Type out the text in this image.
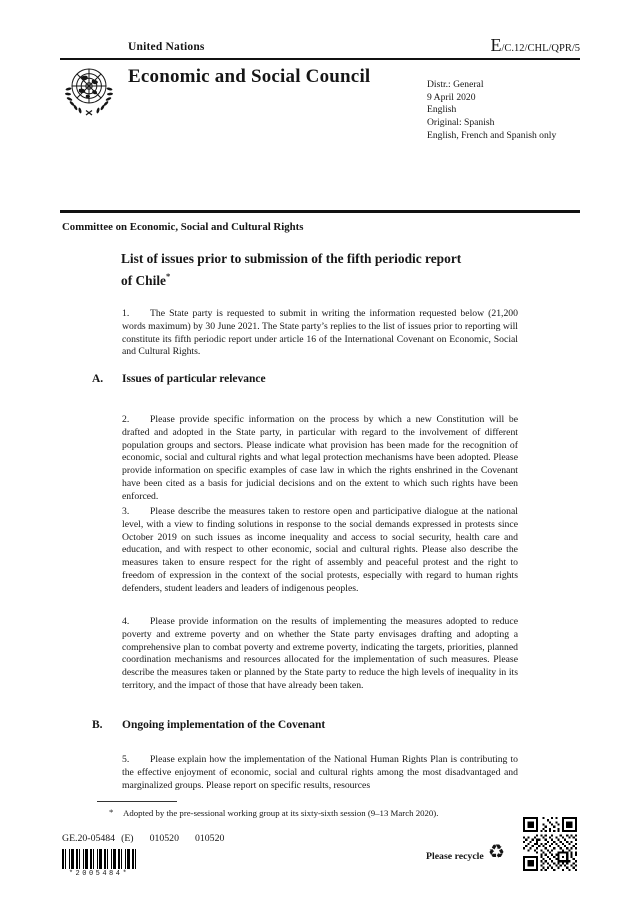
United Nations	E /C.12/CHL/QPR/5
Economic and Social Council	Distr.: General
9 April 2020
English
Original: Spanish
English, French and Spanish only
Committee on Economic, Social and Cultural Rights
List of issues prior to submission of the fifth periodic report
of Chile*

1. The State party is requested to submit in writing the information requested below (21,200 words maximum) by 30 June 2021. The State party’s replies to the list of issues prior to reporting will constitute its fifth periodic report under article 16 of the International Covenant on Economic, Social and Cultural Rights.

A. Issues of particular relevance

2. Please provide specific information on the process by which a new Constitution will be drafted and adopted in the State party, in particular with regard to the involvement of different population groups and sectors. Please indicate what provision has been made for the recognition of economic, social and cultural rights and what legal protection mechanisms have been adopted. Please provide information on specific examples of case law in which the rights enshrined in the Covenant have been cited as a basis for judicial decisions and on the extent to which such rights have been enforced.

3. Please describe the measures taken to restore open and participative dialogue at the national level, with a view to finding solutions in response to the social demands expressed in protests since October 2019 on such issues as income inequality and access to social security, health care and education, and with respect to other economic, social and cultural rights. Please also describe the measures taken to ensure respect for the right of assembly and peaceful protest and the right to freedom of expression in the context of the social protests, especially with regard to human rights defenders, student leaders and leaders of indigenous peoples.

4. Please provide information on the results of implementing the measures adopted to reduce poverty and extreme poverty and on whether the State party envisages drafting and adopting a comprehensive plan to combat poverty and extreme poverty, indicating the targets, priorities, planned coordination mechanisms and resources allocated for the implementation of such measures. Please describe the measures taken or planned by the State party to reduce the high levels of inequality in its territory, and the impact of those that have already been taken.

B. Ongoing implementation of the Covenant

5. Please explain how the implementation of the National Human Rights Plan is contributing to the effective enjoyment of economic, social and cultural rights among the most disadvantaged and marginalized groups. Please report on specific results, resources

* Adopted by the pre-sessional working group at its sixty-sixth session (9–13 March 2020).
GE.20-05484 (E) 010520 010520
*2005484*
Please recycle ♻
